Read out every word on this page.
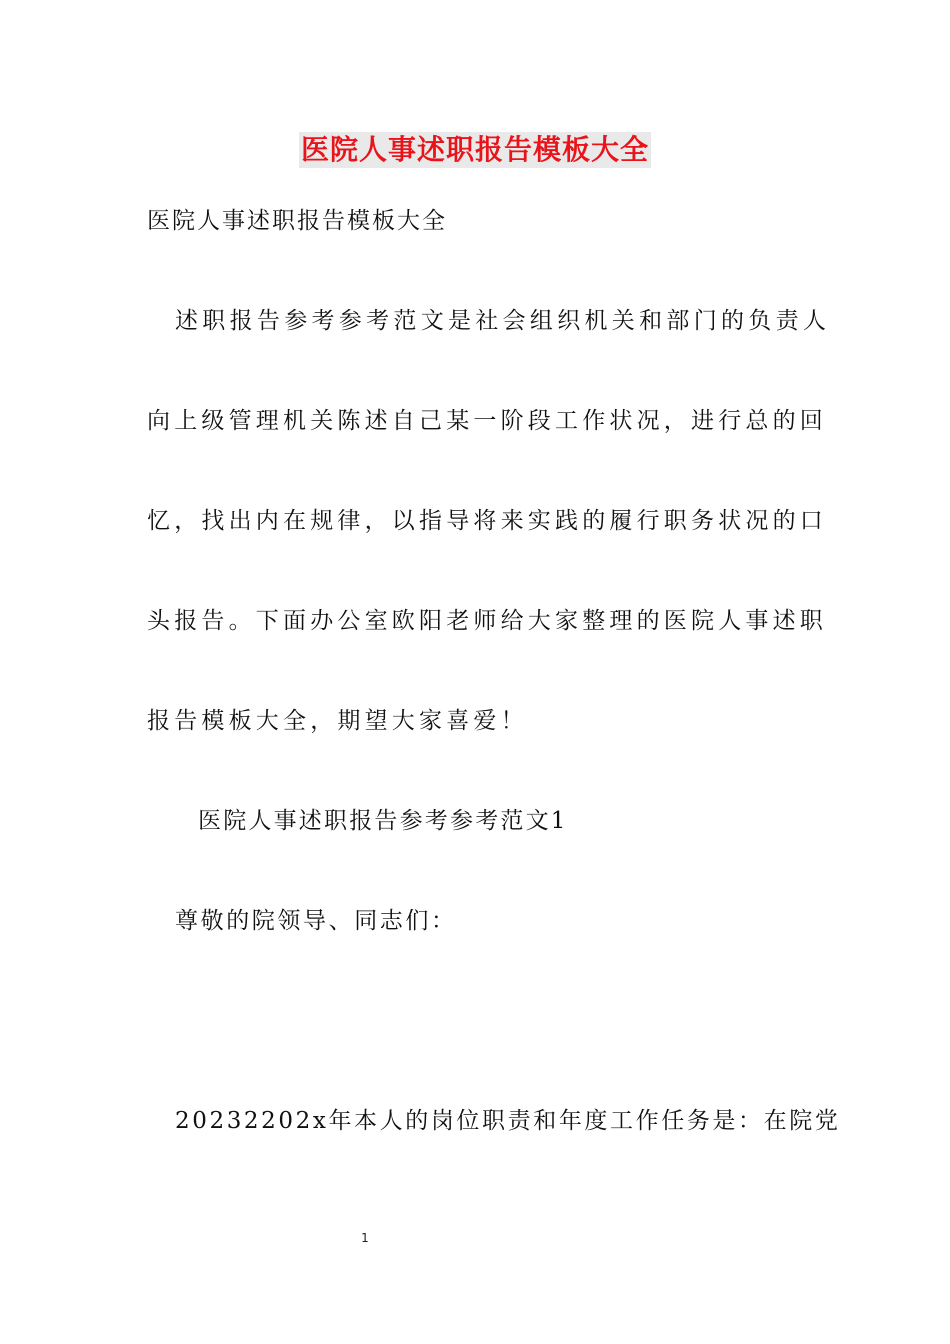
医院人事述职报告模板大全
医院人事述职报告模板大全
述职报告参考参考范文是社会组织机关和部门的负责人
向上级管理机关陈述自己某一阶段工作状况，进行总的回
忆，找出内在规律，以指导将来实践的履行职务状况的口
头报告。下面办公室欧阳老师给大家整理的医院人事述职
报告模板大全，期望大家喜爱！
医院人事述职报告参考参考范文1
尊敬的院领导、同志们：
20232202x年本人的岗位职责和年度工作任务是：在院党
1
